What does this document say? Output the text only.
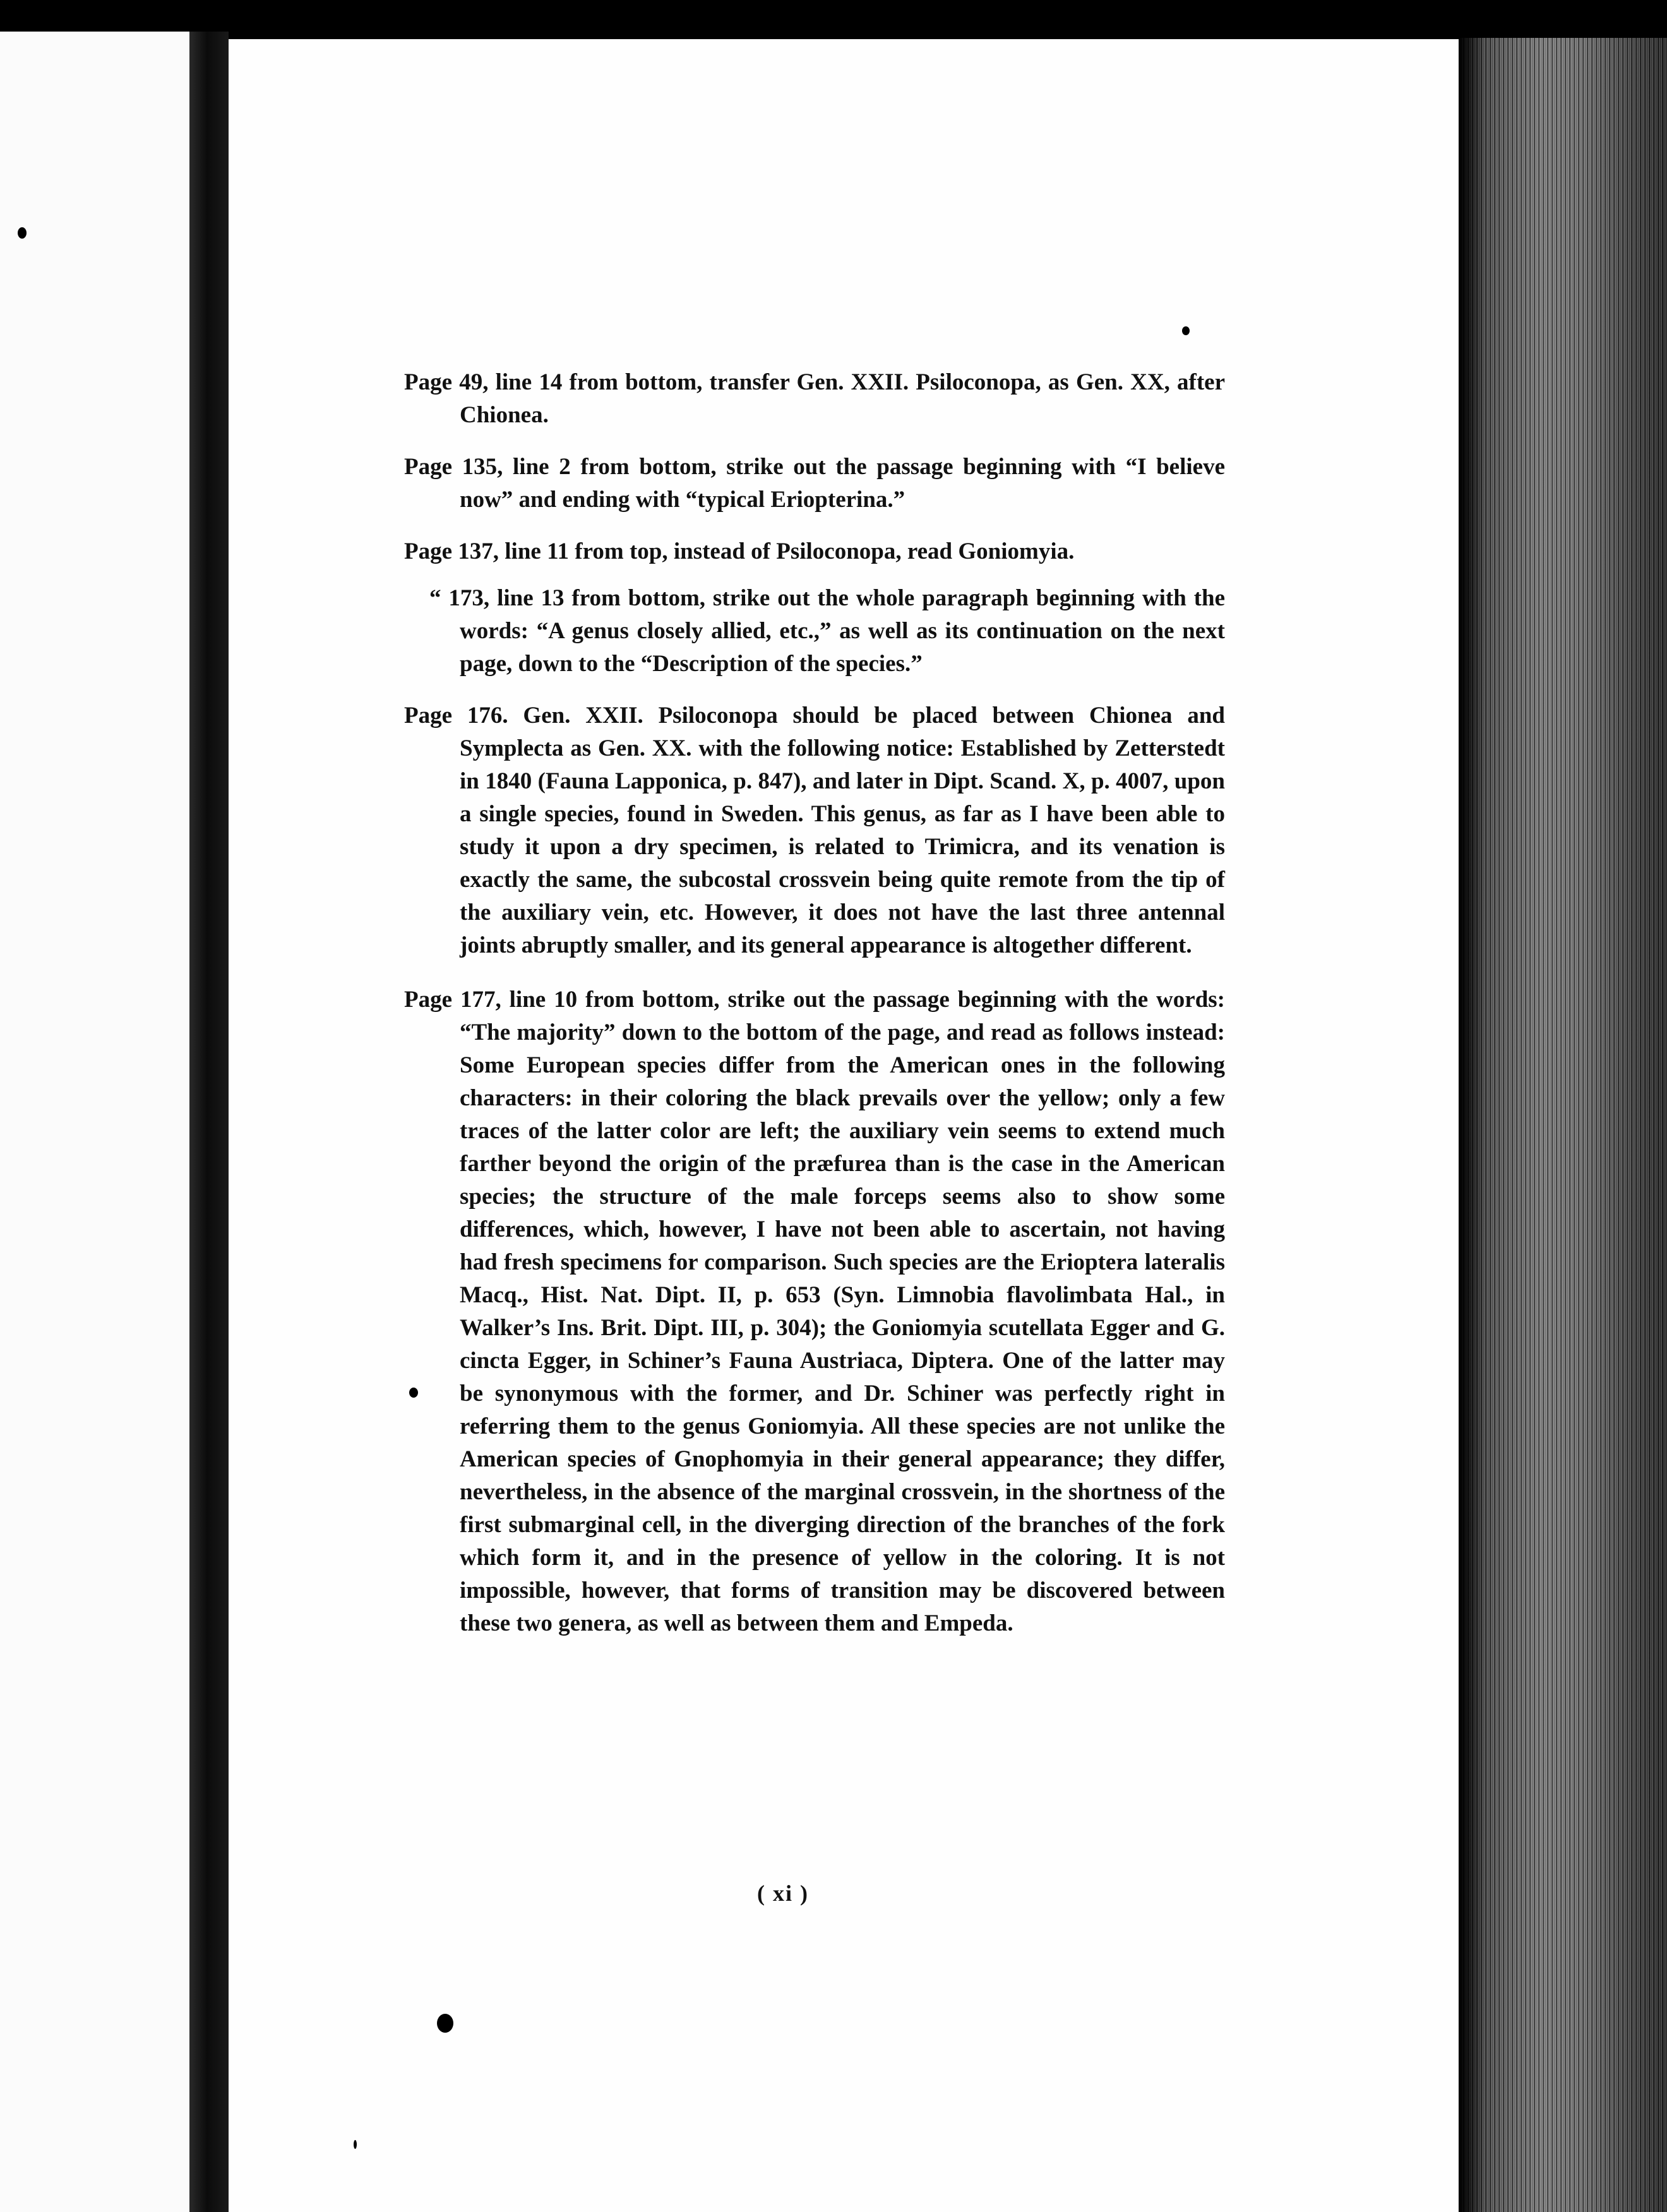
Page 49, line 14 from bottom, transfer Gen. XXII. Psiloconopa, as Gen. XX, after Chionea.

Page 135, line 2 from bottom, strike out the passage beginning with “I believe now” and ending with “typical Eriopterina.”

Page 137, line 11 from top, instead of Psiloconopa, read Goniomyia.

“ 173, line 13 from bottom, strike out the whole paragraph beginning with the words: “A genus closely allied, etc.,” as well as its continuation on the next page, down to the “Description of the species.”

Page 176. Gen. XXII. Psiloconopa should be placed between Chionea and Symplecta as Gen. XX. with the following notice: Established by Zetterstedt in 1840 (Fauna Lapponica, p. 847), and later in Dipt. Scand. X, p. 4007, upon a single species, found in Sweden. This genus, as far as I have been able to study it upon a dry specimen, is related to Trimicra, and its venation is exactly the same, the subcostal crossvein being quite remote from the tip of the auxiliary vein, etc. However, it does not have the last three antennal joints abruptly smaller, and its general appearance is altogether different.

Page 177, line 10 from bottom, strike out the passage beginning with the words: “The majority” down to the bottom of the page, and read as follows instead: Some European species differ from the American ones in the following characters: in their coloring the black prevails over the yellow; only a few traces of the latter color are left; the auxiliary vein seems to extend much farther beyond the origin of the præfurea than is the case in the American species; the structure of the male forceps seems also to show some differences, which, however, I have not been able to ascertain, not having had fresh specimens for comparison. Such species are the Erioptera lateralis Macq., Hist. Nat. Dipt. II, p. 653 (Syn. Limnobia flavolimbata Hal., in Walker’s Ins. Brit. Dipt. III, p. 304); the Goniomyia scutellata Egger and G. cincta Egger, in Schiner’s Fauna Austriaca, Diptera. One of the latter may be synonymous with the former, and Dr. Schiner was perfectly right in referring them to the genus Goniomyia. All these species are not unlike the American species of Gnophomyia in their general appearance; they differ, nevertheless, in the absence of the marginal crossvein, in the shortness of the first submarginal cell, in the diverging direction of the branches of the fork which form it, and in the presence of yellow in the coloring. It is not impossible, however, that forms of transition may be discovered between these two genera, as well as between them and Empeda.

( xi )
